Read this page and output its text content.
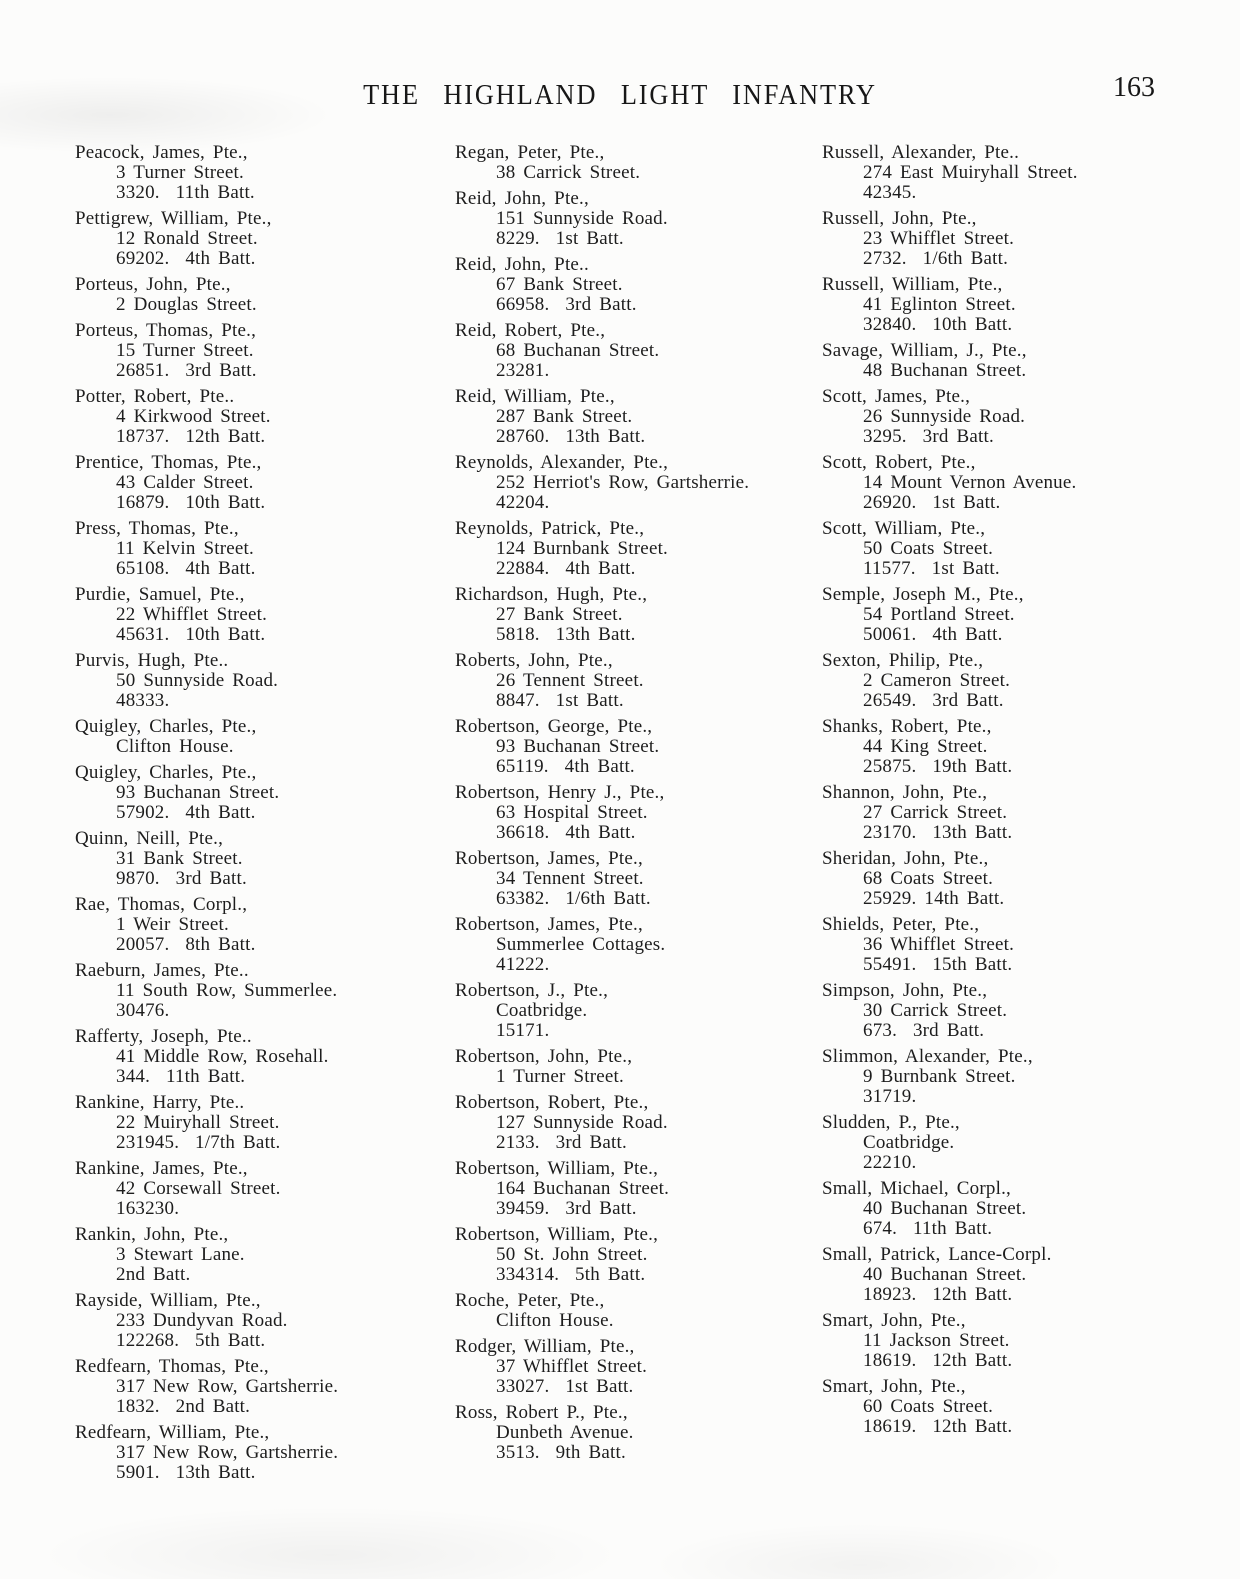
THE HIGHLAND LIGHT INFANTRY	163
Peacock, James, Pte.,
3 Turner Street.
3320.  11th Batt.
Pettigrew, William, Pte.,
12 Ronald Street.
69202.  4th Batt.
Porteus, John, Pte.,
2 Douglas Street.
Porteus, Thomas, Pte.,
15 Turner Street.
26851.  3rd Batt.
Potter, Robert, Pte..
4 Kirkwood Street.
18737.  12th Batt.
Prentice, Thomas, Pte.,
43 Calder Street.
16879.  10th Batt.
Press, Thomas, Pte.,
11 Kelvin Street.
65108.  4th Batt.
Purdie, Samuel, Pte.,
22 Whifflet Street.
45631.  10th Batt.
Purvis, Hugh, Pte..
50 Sunnyside Road.
48333.
Quigley, Charles, Pte.,
Clifton House.
Quigley, Charles, Pte.,
93 Buchanan Street.
57902.  4th Batt.
Quinn, Neill, Pte.,
31 Bank Street.
9870.  3rd Batt.
Rae, Thomas, Corpl.,
1 Weir Street.
20057.  8th Batt.
Raeburn, James, Pte..
11 South Row, Summerlee.
30476.
Rafferty, Joseph, Pte..
41 Middle Row, Rosehall.
344.  11th Batt.
Rankine, Harry, Pte..
22 Muiryhall Street.
231945.  1/7th Batt.
Rankine, James, Pte.,
42 Corsewall Street.
163230.
Rankin, John, Pte.,
3 Stewart Lane.
2nd Batt.
Rayside, William, Pte.,
233 Dundyvan Road.
122268.  5th Batt.
Redfearn, Thomas, Pte.,
317 New Row, Gartsherrie.
1832.  2nd Batt.
Redfearn, William, Pte.,
317 New Row, Gartsherrie.
5901.  13th Batt.
Regan, Peter, Pte.,
38 Carrick Street.
Reid, John, Pte.,
151 Sunnyside Road.
8229.  1st Batt.
Reid, John, Pte..
67 Bank Street.
66958.  3rd Batt.
Reid, Robert, Pte.,
68 Buchanan Street.
23281.
Reid, William, Pte.,
287 Bank Street.
28760.  13th Batt.
Reynolds, Alexander, Pte.,
252 Herriot's Row, Gartsherrie.
42204.
Reynolds, Patrick, Pte.,
124 Burnbank Street.
22884.  4th Batt.
Richardson, Hugh, Pte.,
27 Bank Street.
5818.  13th Batt.
Roberts, John, Pte.,
26 Tennent Street.
8847.  1st Batt.
Robertson, George, Pte.,
93 Buchanan Street.
65119.  4th Batt.
Robertson, Henry J., Pte.,
63 Hospital Street.
36618.  4th Batt.
Robertson, James, Pte.,
34 Tennent Street.
63382.  1/6th Batt.
Robertson, James, Pte.,
Summerlee Cottages.
41222.
Robertson, J., Pte.,
Coatbridge.
15171.
Robertson, John, Pte.,
1 Turner Street.
Robertson, Robert, Pte.,
127 Sunnyside Road.
2133.  3rd Batt.
Robertson, William, Pte.,
164 Buchanan Street.
39459.  3rd Batt.
Robertson, William, Pte.,
50 St. John Street.
334314.  5th Batt.
Roche, Peter, Pte.,
Clifton House.
Rodger, William, Pte.,
37 Whifflet Street.
33027.  1st Batt.
Ross, Robert P., Pte.,
Dunbeth Avenue.
3513.  9th Batt.
Russell, Alexander, Pte..
274 East Muiryhall Street.
42345.
Russell, John, Pte.,
23 Whifflet Street.
2732.  1/6th Batt.
Russell, William, Pte.,
41 Eglinton Street.
32840.  10th Batt.
Savage, William, J., Pte.,
48 Buchanan Street.
Scott, James, Pte.,
26 Sunnyside Road.
3295.  3rd Batt.
Scott, Robert, Pte.,
14 Mount Vernon Avenue.
26920.  1st Batt.
Scott, William, Pte.,
50 Coats Street.
11577.  1st Batt.
Semple, Joseph M., Pte.,
54 Portland Street.
50061.  4th Batt.
Sexton, Philip, Pte.,
2 Cameron Street.
26549.  3rd Batt.
Shanks, Robert, Pte.,
44 King Street.
25875.  19th Batt.
Shannon, John, Pte.,
27 Carrick Street.
23170.  13th Batt.
Sheridan, John, Pte.,
68 Coats Street.
25929. 14th Batt.
Shields, Peter, Pte.,
36 Whifflet Street.
55491.  15th Batt.
Simpson, John, Pte.,
30 Carrick Street.
673.  3rd Batt.
Slimmon, Alexander, Pte.,
9 Burnbank Street.
31719.
Sludden, P., Pte.,
Coatbridge.
22210.
Small, Michael, Corpl.,
40 Buchanan Street.
674.  11th Batt.
Small, Patrick, Lance-Corpl.
40 Buchanan Street.
18923.  12th Batt.
Smart, John, Pte.,
11 Jackson Street.
18619.  12th Batt.
Smart, John, Pte.,
60 Coats Street.
18619.  12th Batt.
